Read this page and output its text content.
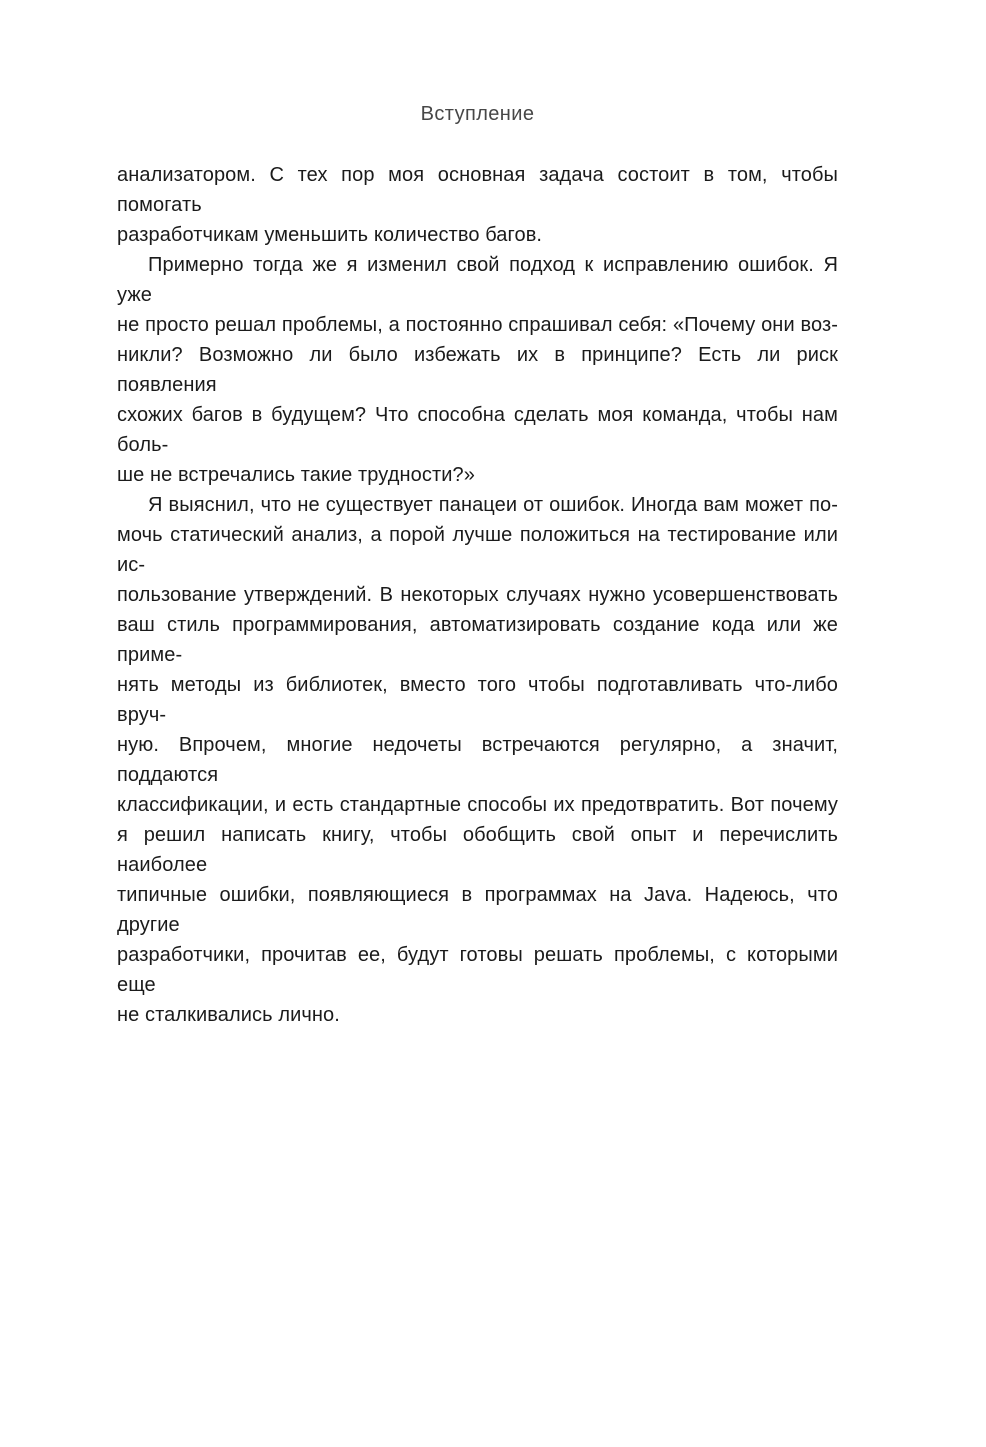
Вступление
анализатором. С тех пор моя основная задача состоит в том, чтобы помогать
разработчикам уменьшить количество багов.
Примерно тогда же я изменил свой подход к исправлению ошибок. Я уже
не просто решал проблемы, а постоянно спрашивал себя: «Почему они воз-
никли? Возможно ли было избежать их в принципе? Есть ли риск появления
схожих багов в будущем? Что способна сделать моя команда, чтобы нам боль-
ше не встречались такие трудности?»
Я выяснил, что не существует панацеи от ошибок. Иногда вам может по-
мочь статический анализ, а порой лучше положиться на тестирование или ис-
пользование утверждений. В некоторых случаях нужно усовершенствовать
ваш стиль программирования, автоматизировать создание кода или же приме-
нять методы из библиотек, вместо того чтобы подготавливать что-либо вруч-
ную. Впрочем, многие недочеты встречаются регулярно, а значит, поддаются
классификации, и есть стандартные способы их предотвратить. Вот почему
я решил написать книгу, чтобы обобщить свой опыт и перечислить наиболее
типичные ошибки, появляющиеся в программах на Java. Надеюсь, что другие
разработчики, прочитав ее, будут готовы решать проблемы, с которыми еще
не сталкивались лично.
